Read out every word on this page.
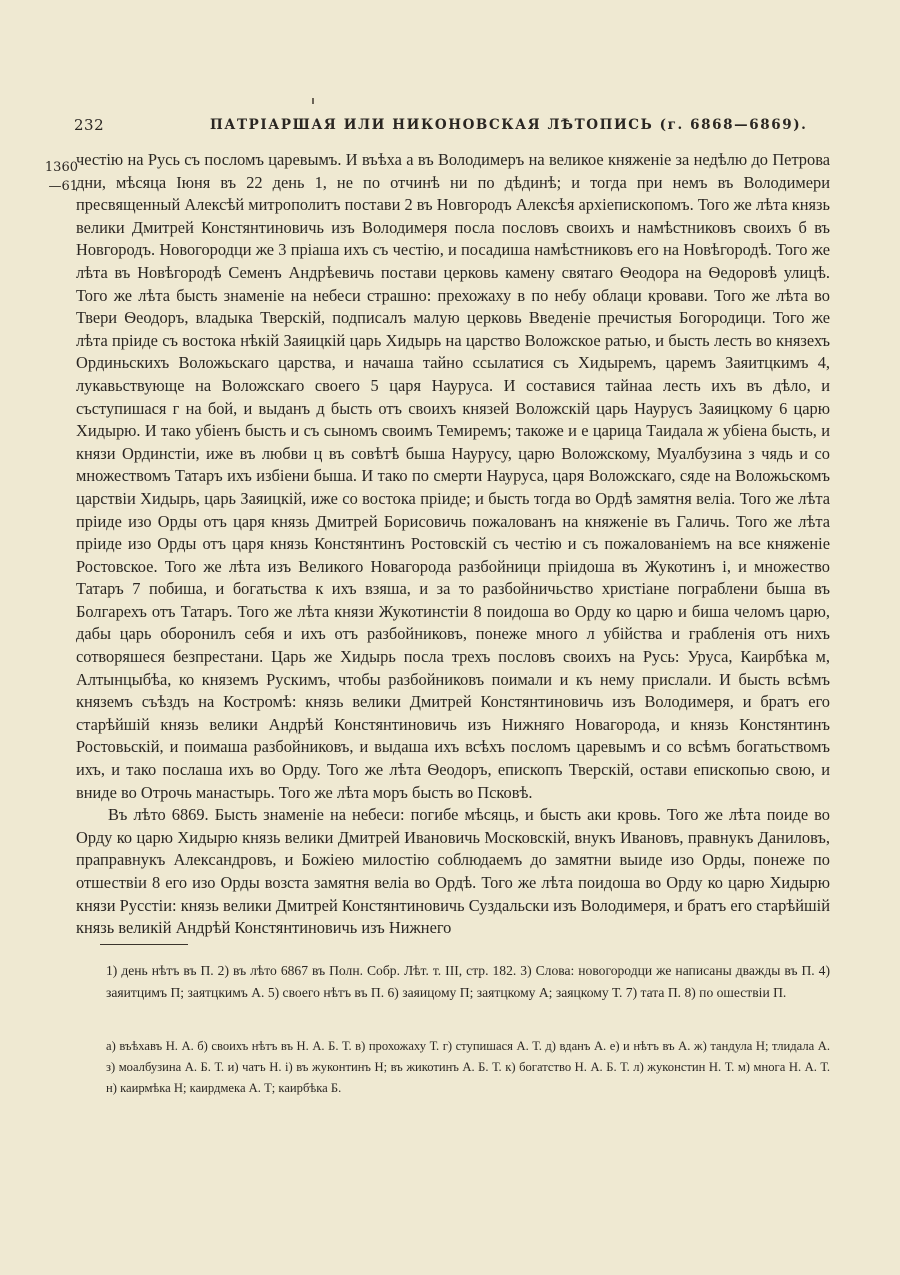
232	ПАТРІАРШАЯ ИЛИ НИКОНОВСКАЯ ЛѢТОПИСЬ (г. 6868—6869).
1360
—61

честію на Русь съ посломъ царевымъ. И въѣха а въ Володимеръ на великое княженіе за недѣлю до Петрова дни, мѣсяца Іюня въ 22 день 1, не по отчинѣ ни по дѣдинѣ; и тогда при немъ въ Володимери пресвященный Алексѣй митрополитъ постави 2 въ Новгородъ Алексѣя архіепископомъ. Того же лѣта князь велики Дмитрей Констянтиновичь изъ Володимеря посла пословъ своихъ и намѣстниковъ своихъ б въ Новгородъ. Новогородци же 3 пріаша ихъ съ честію, и посадиша намѣстниковъ его на Новѣгородѣ. Того же лѣта въ Новѣгородѣ Семенъ Андрѣевичь постави церковь камену святаго Ѳеодора на Ѳедоровѣ улицѣ. Того же лѣта бысть знаменіе на небеси страшно: прехожаху в по небу облаци кровави. Того же лѣта во Твери Ѳеодоръ, владыка Тверскій, подписалъ малую церковь Введеніе пречистыя Богородици. Того же лѣта пріиде съ востока нѣкій Заяицкій царь Хидырь на царство Воложское ратью, и бысть лесть во князехъ Ординьскихъ Воложьскаго царства, и начаша тайно ссылатися съ Хидыремъ, царемъ Заяитцкимъ 4, лукавьствующе на Воложскаго своего 5 царя Науруса. И составися тайнаа лесть ихъ въ дѣло, и съступишася г на бой, и выданъ д бысть отъ своихъ князей Воложскій царь Наурусъ Заяицкому 6 царю Хидырю. И тако убіенъ бысть и съ сыномъ своимъ Темиремъ; такоже и е царица Таидала ж убіена бысть, и князи Ординстіи, иже въ любви ц въ совѣтѣ быша Наурусу, царю Воложскому, Муалбузина з чядь и со множествомъ Татаръ ихъ избіени быша. И тако по смерти Науруса, царя Воложскаго, сяде на Воложьскомъ царствіи Хидырь, царь Заяицкій, иже со востока пріиде; и бысть тогда во Ордѣ замятня веліа. Того же лѣта пріиде изо Орды отъ царя князь Дмитрей Борисовичь пожалованъ на княженіе въ Галичь. Того же лѣта пріиде изо Орды отъ царя князь Констянтинъ Ростовскій съ честію и съ пожалованіемъ на все княженіе Ростовское. Того же лѣта изъ Великого Новагорода разбойници пріидоша въ Жукотинъ і, и множество Татаръ 7 побиша, и богатьства к ихъ взяша, и за то разбойничьство христіане пограблени быша въ Болгарехъ отъ Татаръ. Того же лѣта князи Жукотинстіи 8 поидоша во Орду ко царю и биша челомъ царю, дабы царь оборонилъ себя и ихъ отъ разбойниковъ, понеже много л убійства и грабленія отъ нихъ сотворяшеся безпрестани. Царь же Хидырь посла трехъ пословъ своихъ на Русь: Уруса, Каирбѣка м, Алтынцыбѣа, ко княземъ Рускимъ, чтобы разбойниковъ поимали и къ нему прислали. И бысть всѣмъ княземъ съѣздъ на Костромѣ: князь велики Дмитрей Констянтиновичь изъ Володимеря, и братъ его старѣйшій князь велики Андрѣй Констянтиновичь изъ Нижняго Новагорода, и князь Констянтинъ Ростовьскій, и поимаша разбойниковъ, и выдаша ихъ всѣхъ посломъ царевымъ и со всѣмъ богатьствомъ ихъ, и тако послаша ихъ во Орду. Того же лѣта Ѳеодоръ, епископъ Тверскій, остави епископью свою, и вниде во Отрочь манастырь. Того же лѣта моръ бысть во Псковѣ.

Въ лѣто 6869. Бысть знаменіе на небеси: погибе мѣсяць, и бысть аки кровь. Того же лѣта поиде во Орду ко царю Хидырю князь велики Дмитрей Ивановичь Московскій, внукъ Ивановъ, правнукъ Даниловъ, праправнукъ Александровъ, и Божіею милостію соблюдаемъ до замятни выиде изо Орды, понеже по отшествіи 8 его изо Орды возста замятня веліа во Ордѣ. Того же лѣта поидоша во Орду ко царю Хидырю князи Русстіи: князь велики Дмитрей Констянтиновичь Суздальски изъ Володимеря, и братъ его старѣйшій князь великій Андрѣй Констянтиновичь изъ Нижнего

1) день нѣтъ въ П. 2) въ лѣто 6867 въ Полн. Собр. Лѣт. т. III, стр. 182. 3) Слова: новогородци же написаны дважды въ П. 4) заяитцимъ П; заятцкимъ А. 5) своего нѣтъ въ П. 6) заяицому П; заятцкому А; заяцкому Т. 7) тата П. 8) по ошествіи П.

а) въѣхавъ Н. А. б) своихъ нѣтъ въ Н. А. Б. Т. в) прохожаху Т. г) ступишася А. Т. д) вданъ А. е) и нѣтъ въ А. ж) тандула Н; тлидала А. з) моалбузина А. Б. Т. и) чатъ Н. і) въ жуконтинъ Н; въ жикотинъ А. Б. Т. к) богатство Н. А. Б. Т. л) жуконстин Н. Т. м) многа Н. А. Т. н) каирмѣка Н; каирдмека А. Т; каирбѣка Б.
